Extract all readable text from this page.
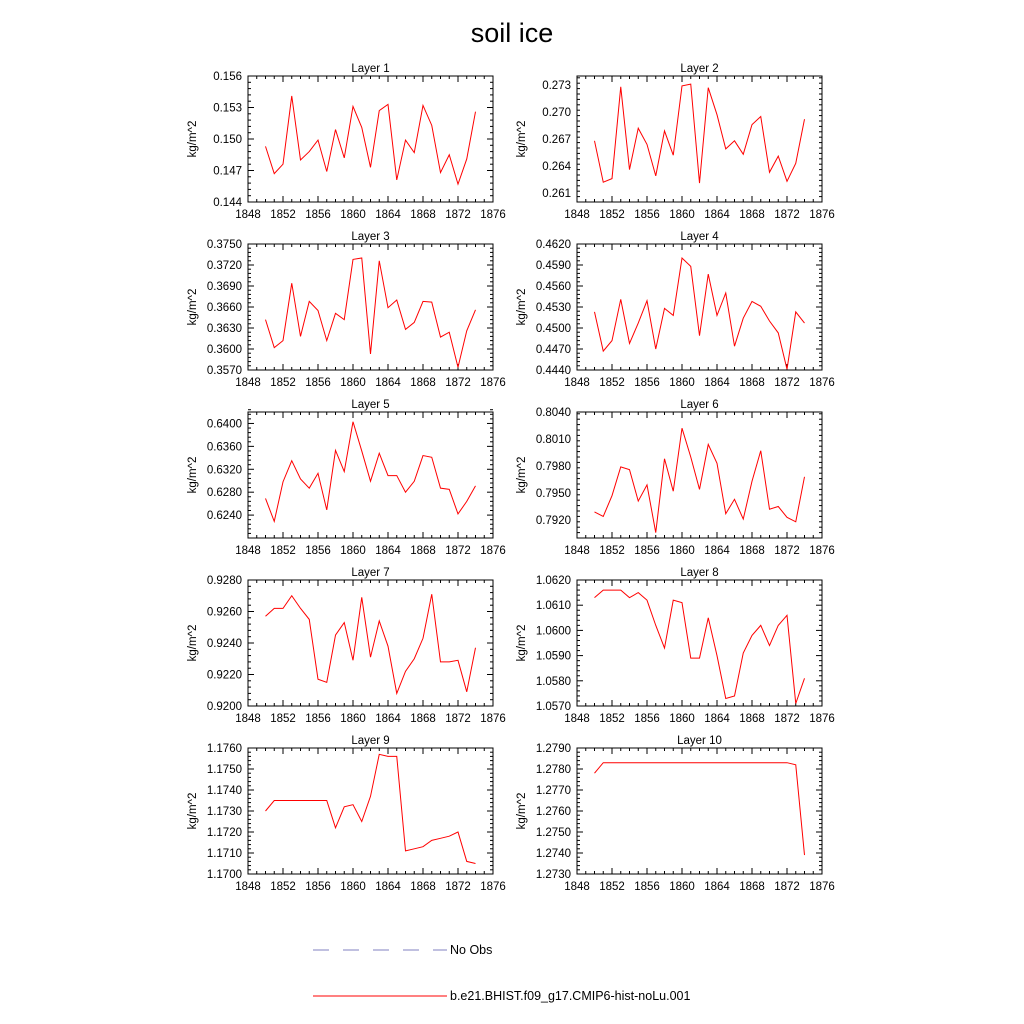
soil ice
Layer 1
1848 1852 1856 1860 1864 1868 1872 1876
0.144
0.147
0.150
0.153
0.156
kg/m^2
Layer 2
1848 1852 1856 1860 1864 1868 1872 1876
0.261
0.264
0.267
0.270
0.273
kg/m^2
Layer 3
1848 1852 1856 1860 1864 1868 1872 1876
0.3570
0.3600
0.3630
0.3660
0.3690
0.3720
0.3750
kg/m^2
Layer 4
1848 1852 1856 1860 1864 1868 1872 1876
0.4440
0.4470
0.4500
0.4530
0.4560
0.4590
0.4620
kg/m^2
Layer 5
1848 1852 1856 1860 1864 1868 1872 1876
0.6240
0.6280
0.6320
0.6360
0.6400
kg/m^2
Layer 6
1848 1852 1856 1860 1864 1868 1872 1876
0.7920
0.7950
0.7980
0.8010
0.8040
kg/m^2
Layer 7
1848 1852 1856 1860 1864 1868 1872 1876
0.9200
0.9220
0.9240
0.9260
0.9280
kg/m^2
Layer 8
1848 1852 1856 1860 1864 1868 1872 1876
1.0570
1.0580
1.0590
1.0600
1.0610
1.0620
kg/m^2
Layer 9
1848 1852 1856 1860 1864 1868 1872 1876
1.1700
1.1710
1.1720
1.1730
1.1740
1.1750
1.1760
kg/m^2
Layer 10
1848 1852 1856 1860 1864 1868 1872 1876
1.2730
1.2740
1.2750
1.2760
1.2770
1.2780
1.2790
kg/m^2
No Obs
b.e21.BHIST.f09_g17.CMIP6-hist-noLu.001
